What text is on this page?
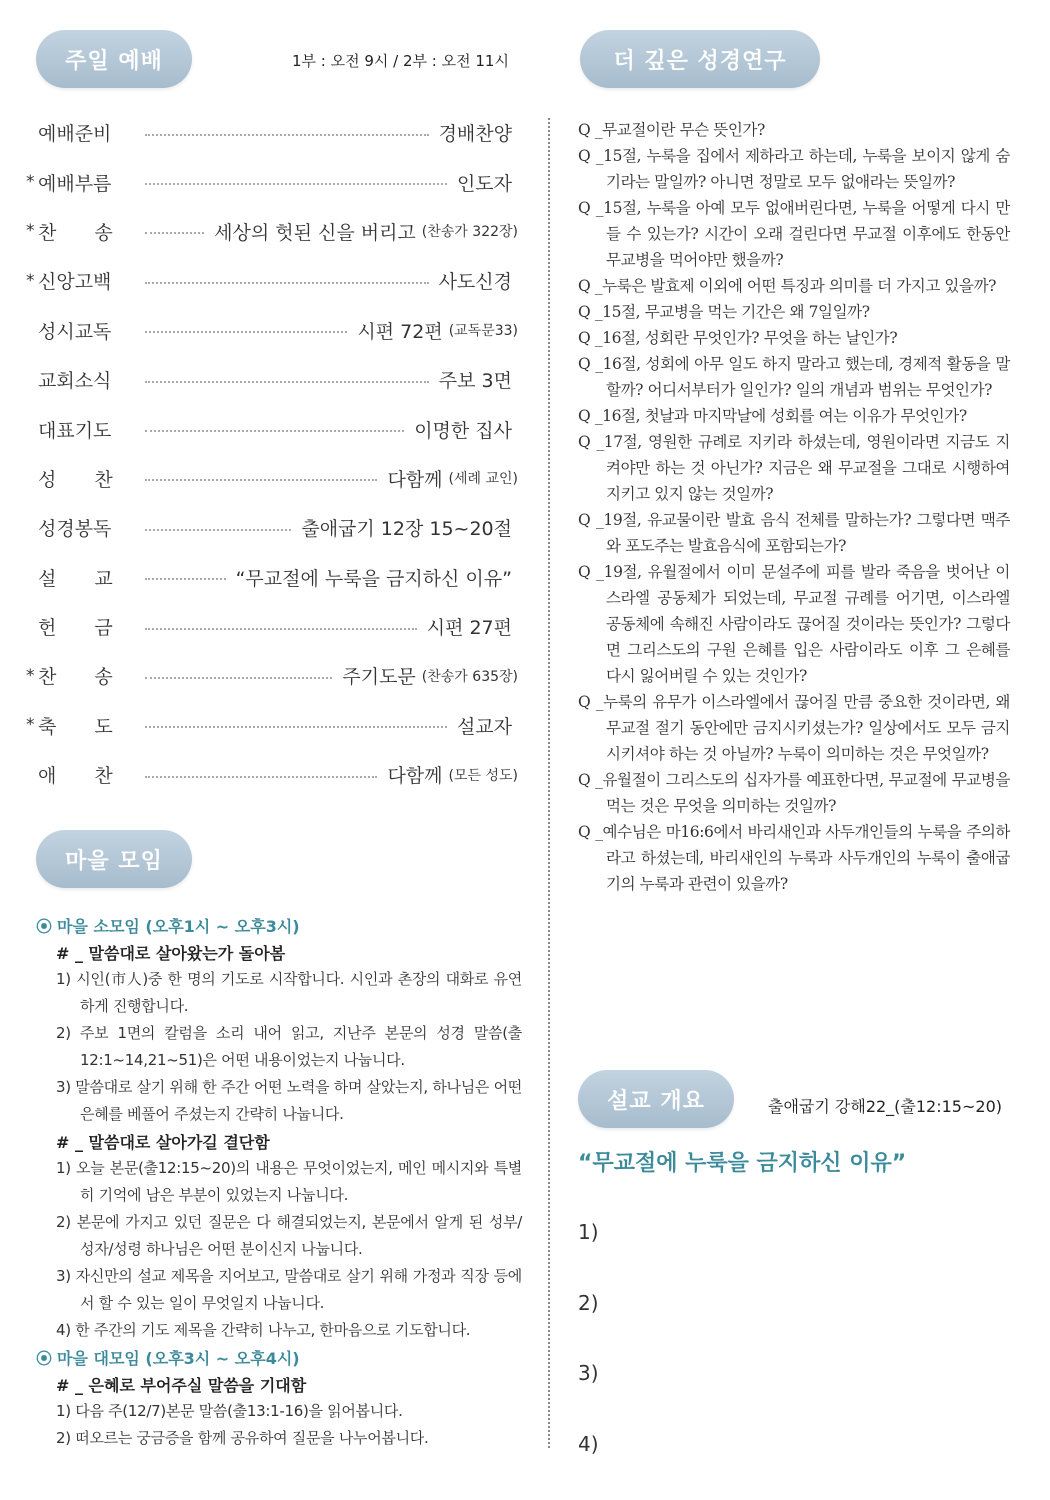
주일 예배	1부 : 오전 9시 / 2부 : 오전 11시
예배준비	경배찬양
* 예배부름	인도자
* 찬　　송	세상의 헛된 신을 버리고 (찬송가 322장)
* 신앙고백	사도신경
성시교독	시편 72편 (교독문33)
교회소식	주보 3면
대표기도	이명한 집사
성　　찬	다함께 (세례 교인)
성경봉독	출애굽기 12장 15~20절
설　　교	“무교절에 누룩을 금지하신 이유”
헌　　금	시편 27편
* 찬　　송	주기도문 (찬송가 635장)
* 축　　도	설교자
애　　찬	다함께 (모든 성도)
마을 모임
⦿ 마을 소모임 (오후1시 ~ 오후3시)
# _ 말씀대로 살아왔는가 돌아봄
1) 시인(市人)중 한 명의 기도로 시작합니다. 시인과 촌장의 대화로 유연하게 진행합니다.
2) 주보 1면의 칼럼을 소리 내어 읽고, 지난주 본문의 성경 말씀(출12:1~14,21~51)은 어떤 내용이었는지 나눕니다.
3) 말씀대로 살기 위해 한 주간 어떤 노력을 하며 살았는지, 하나님은 어떤 은혜를 베풀어 주셨는지 간략히 나눕니다.
# _ 말씀대로 살아가길 결단함
1) 오늘 본문(출12:15~20)의 내용은 무엇이었는지, 메인 메시지와 특별히 기억에 남은 부분이 있었는지 나눕니다.
2) 본문에 가지고 있던 질문은 다 해결되었는지, 본문에서 알게 된 성부/성자/성령 하나님은 어떤 분이신지 나눕니다.
3) 자신만의 설교 제목을 지어보고, 말씀대로 살기 위해 가정과 직장 등에서 할 수 있는 일이 무엇일지 나눕니다.
4) 한 주간의 기도 제목을 간략히 나누고, 한마음으로 기도합니다.
⦿ 마을 대모임 (오후3시 ~ 오후4시)
# _ 은혜로 부어주실 말씀을 기대함
1) 다음 주(12/7)본문 말씀(출13:1-16)을 읽어봅니다.
2) 떠오르는 궁금증을 함께 공유하여 질문을 나누어봅니다.
더 깊은 성경연구

Q _무교절이란 무슨 뜻인가?

Q _15절, 누룩을 집에서 제하라고 하는데, 누룩을 보이지 않게 숨기라는 말일까? 아니면 정말로 모두 없애라는 뜻일까?

Q _15절, 누룩을 아예 모두 없애버린다면, 누룩을 어떻게 다시 만들 수 있는가? 시간이 오래 걸린다면 무교절 이후에도 한동안 무교병을 먹어야만 했을까?

Q _누룩은 발효제 이외에 어떤 특징과 의미를 더 가지고 있을까?

Q _15절, 무교병을 먹는 기간은 왜 7일일까?

Q _16절, 성회란 무엇인가? 무엇을 하는 날인가?

Q _16절, 성회에 아무 일도 하지 말라고 했는데, 경제적 활동을 말할까? 어디서부터가 일인가? 일의 개념과 범위는 무엇인가?

Q _16절, 첫날과 마지막날에 성회를 여는 이유가 무엇인가?

Q _17절, 영원한 규례로 지키라 하셨는데, 영원이라면 지금도 지켜야만 하는 것 아닌가? 지금은 왜 무교절을 그대로 시행하여 지키고 있지 않는 것일까?

Q _19절, 유교물이란 발효 음식 전체를 말하는가? 그렇다면 맥주와 포도주는 발효음식에 포함되는가?

Q _19절, 유월절에서 이미 문설주에 피를 발라 죽음을 벗어난 이스라엘 공동체가 되었는데, 무교절 규례를 어기면, 이스라엘 공동체에 속해진 사람이라도 끊어질 것이라는 뜻인가? 그렇다면 그리스도의 구원 은혜를 입은 사람이라도 이후 그 은혜를 다시 잃어버릴 수 있는 것인가?

Q _누룩의 유무가 이스라엘에서 끊어질 만큼 중요한 것이라면, 왜 무교절 절기 동안에만 금지시키셨는가? 일상에서도 모두 금지시키셔야 하는 것 아닐까? 누룩이 의미하는 것은 무엇일까?

Q _유월절이 그리스도의 십자가를 예표한다면, 무교절에 무교병을 먹는 것은 무엇을 의미하는 것일까?

Q _예수님은 마16:6에서 바리새인과 사두개인들의 누룩을 주의하라고 하셨는데, 바리새인의 누룩과 사두개인의 누룩이 출애굽기의 누룩과 관련이 있을까?

설교 개요	출애굽기 강해22_(출12:15~20)
“무교절에 누룩을 금지하신 이유”
1)
2)
3)
4)
